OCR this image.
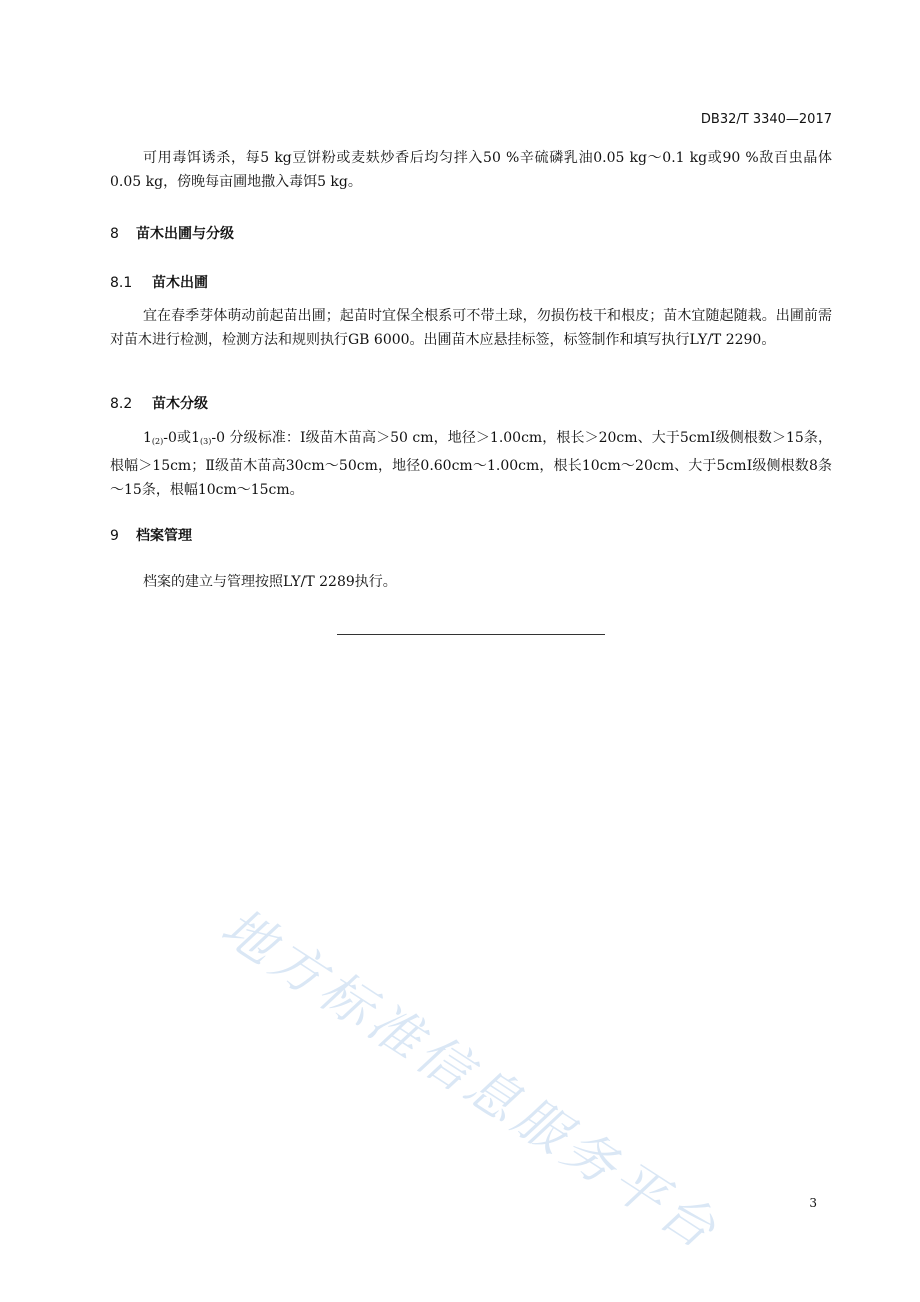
DB32/T 3340—2017
可用毒饵诱杀，每5 kg豆饼粉或麦麸炒香后均匀拌入50 %辛硫磷乳油0.05 kg～0.1 kg或90 %敌百虫晶体0.05 kg，傍晚每亩圃地撒入毒饵5 kg。
8 苗木出圃与分级
8.1 苗木出圃
宜在春季芽体萌动前起苗出圃；起苗时宜保全根系可不带土球，勿损伤枝干和根皮；苗木宜随起随栽。出圃前需对苗木进行检测，检测方法和规则执行GB 6000。出圃苗木应悬挂标签，标签制作和填写执行LY/T 2290。
8.2 苗木分级
$1_{(2)}-0$或$1_{(3)}-0$ 分级标准：Ⅰ级苗木苗高＞50 cm，地径＞1.00cm，根长＞20cm、大于5cmⅠ级侧根数＞15条，根幅＞15cm；Ⅱ级苗木苗高30cm～50cm，地径0.60cm～1.00cm，根长10cm～20cm、大于5cmⅠ级侧根数8条～15条，根幅10cm～15cm。
9 档案管理
档案的建立与管理按照LY/T 2289执行。
地方标准信息服务平台	3
